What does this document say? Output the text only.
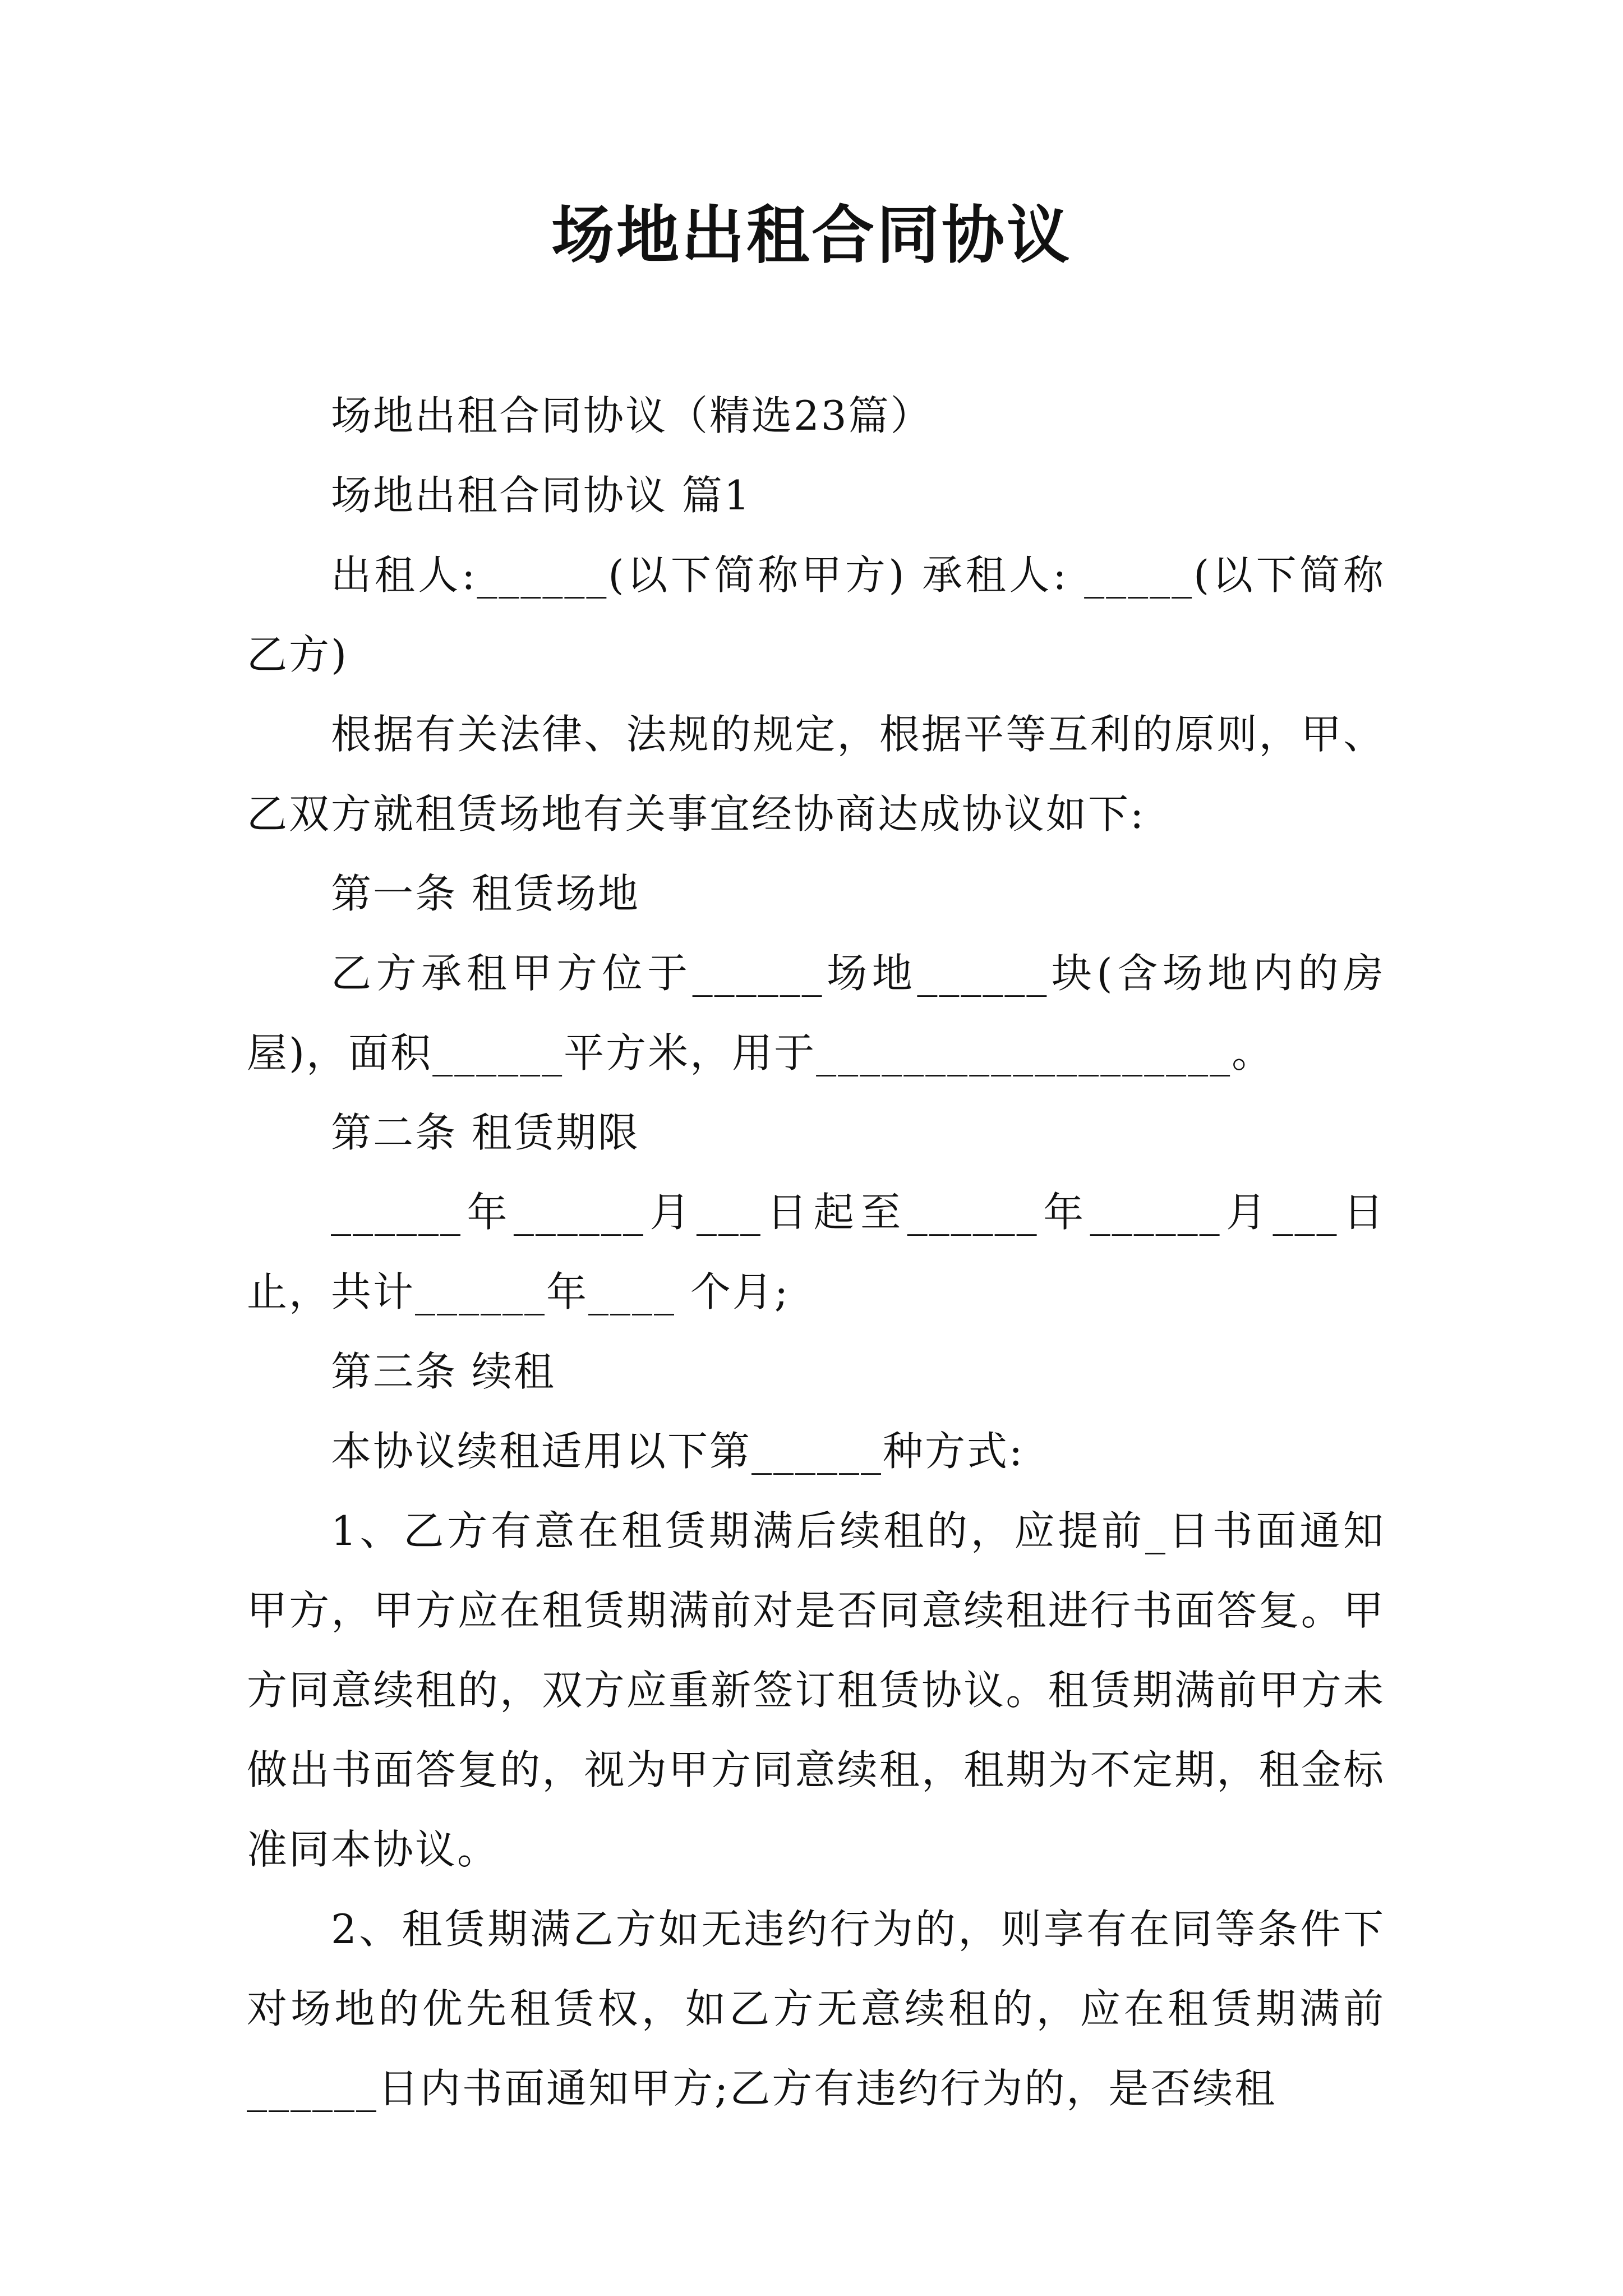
场地出租合同协议

场地出租合同协议（精选23篇）

场地出租合同协议 篇1

出租人:______(以下简称甲方) 承租人: _____(以下简称乙方)

根据有关法律、法规的规定，根据平等互利的原则，甲、乙双方就租赁场地有关事宜经协商达成协议如下:

第一条 租赁场地

乙方承租甲方位于______场地______块(含场地内的房屋)，面积______平方米，用于___________________。

第二条 租赁期限

______年______月___日起至______年______月___日止，共计______年____ 个月;

第三条 续租

本协议续租适用以下第______种方式:

1、乙方有意在租赁期满后续租的，应提前_日书面通知甲方，甲方应在租赁期满前对是否同意续租进行书面答复。甲方同意续租的，双方应重新签订租赁协议。租赁期满前甲方未做出书面答复的，视为甲方同意续租，租期为不定期，租金标准同本协议。

2、租赁期满乙方如无违约行为的，则享有在同等条件下对场地的优先租赁权，如乙方无意续租的，应在租赁期满前______日内书面通知甲方;乙方有违约行为的，是否续租
